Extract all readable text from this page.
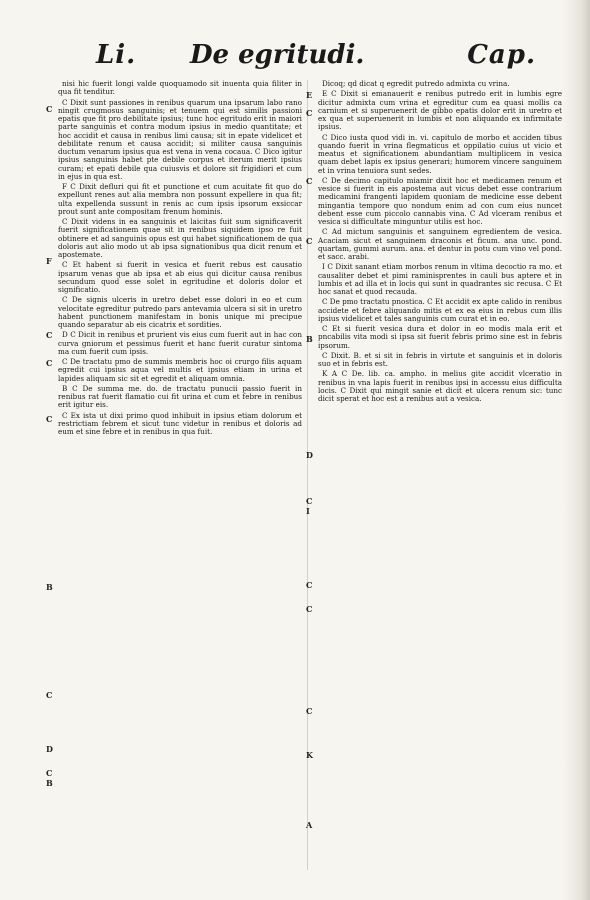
Li. De egritudi.	Cap.

nisi hic fuerit longi valde quoquamodo sit inuenta quia filiter in qua fit tenditur.

C Dixit sunt passiones in renibus quarum una ipsarum labo rano ningit crugmosus sanguinis; et tenuem qui est similis passioni epatis que fit pro debilitate ipsius; tunc hoc egritudo erit in maiori parte sanguinis et contra modum ipsius in medio quantitate; et hoc accidit et causa in renibus limi causa; sit in epate videlicet et debilitate renum et causa accidit; si militer causa sanguinis ductum venarum ipsius qua est vena in vena cocaua. C Dico igitur ipsius sanguinis habet pte debile corpus et iterum merit ipsius curam; et epati debile qua cuiusvis et dolore sit frigidiori et cum in ejus in qua est.

F C Dixit defluri qui fit et punctione et cum acuitate fit quo do expellunt renes aut alia membra non possunt expellere in qua fit; ulta expellenda sussunt in renis ac cum ipsis ipsorum exsiccar prout sunt ante compositam frenum hominis.

C Dixit videns in ea sanguinis et laicitas fuit sum significaverit fuerit significationem quae sit in renibus siquidem ipso re fuit obtinere et ad sanguinis opus est qui habet significationem de qua doloris aut alio modo ut ab ipsa signationibus qua dicit renum et apostemate.

C Et habent si fuerit in vesica et fuerit rebus est causatio ipsarum venas que ab ipsa et ab eius qui dicitur causa renibus secundum quod esse solet in egritudine et doloris dolor et significatio.

C De signis ulceris in uretro debet esse dolori in eo et cum velocitate egreditur putredo pars antevamia ulcera si sit in uretro habent punctionem manifestam in bonis unique mi precipue quando separatur ab eis cicatrix et sordities.

D C Dicit in renibus et prurient vis eius cum fuerit aut in hac con curva gniorum et pessimus fuerit et hanc fuerit curatur sintoma ma cum fuerit cum ipsis.

C De tractatu pmo de summis membris hoc oi crurgo filis aquam egredit cui ipsius aqua vel multis et ipsius etiam in urina et lapides aliquam sic sit et egredit et aliquam omnia.

B C De summa me. do. de tractatu punucii passio fuerit in renibus rat fuerit flamatio cui fit urina et cum et febre in renibus erit igitur eis.

C Ex ista ut dixi primo quod inhibuit in ipsius etiam dolorum et restrictiam febrem et sicut tunc videtur in renibus et doloris ad eum et sine febre et in renibus in qua fuit.

Dicoq; qd dicat q egredit putredo admixta cu vrina.

E C Dixit si emanauerit e renibus putredo erit in lumbis egre dicitur admixta cum vrina et egreditur cum ea quasi mollis ca carnium et si superuenerit de gibbo epatis dolor erit in uretro et ex qua et superuenerit in lumbis et non aliquando ex infirmitate ipsius.

C Dico iusta quod vidi in. vi. capitulo de morbo et acciden tibus quando fuerit in vrina flegmaticus et oppilatio cuius ut vicio et meatus et significationem abundantiam multiplicem in vesica quam debet lapis ex ipsius generari; humorem vincere sanguinem et in vrina tenuiora sunt sedes.

C De decimo capitulo miamir dixit hoc et medicamen renum et vesice si fuerit in eis apostema aut vicus debet esse contrarium medicamini frangenti lapidem quoniam de medicine esse debent mingantia tempore quo nondum enim ad con cum eius nuncet debent esse cum piccolo cannabis vina. C Ad vlceram renibus et vesica si difficultate minguntur utilis est hoc.

C Ad mictum sanguinis et sanguinem egredientem de vesica. Acaciam sicut et sanguinem draconis et ficum. ana unc. pond. quartam, gummi aurum. ana. et dentur in potu cum vino vel pond. et sacc. arabi.

I C Dixit sanant etiam morbos renum in vltima decoctio ra mo. et causaliter debet et pimi raminisprentes in cauli bus aptere et in lumbis et ad illa et in locis qui sunt in quadrantes sic recusa. C Et hoc sanat et quod recauda.

C De pmo tractatu pnostica. C Et accidit ex apte calido in renibus accidete et febre aliquando mitis et ex ea eius in rebus cum illis ipsius videlicet et tales sanguinis cum curat et in eo.

C Et si fuerit vesica dura et dolor in eo modis mala erit et pncabilis vita modi si ipsa sit fuerit febris primo sine est in febris ipsorum.

C Dixit. B. et si sit in febris in virtute et sanguinis et in doloris suo et in febris est.

K A C De. lib. ca. ampho. in melius gite accidit vlceratio in renibus in vna lapis fuerit in renibus ipsi in accessu eius difficulta locis. C Dixit qui mingit sanie et dicit et ulcera renum sic: tunc dicit sperat et hoc est a renibus aut a vesica.

C
F
C
C
C
B
C
D
C
B
E
C
C
C
B
D
C
I
C
C
C
K
A
